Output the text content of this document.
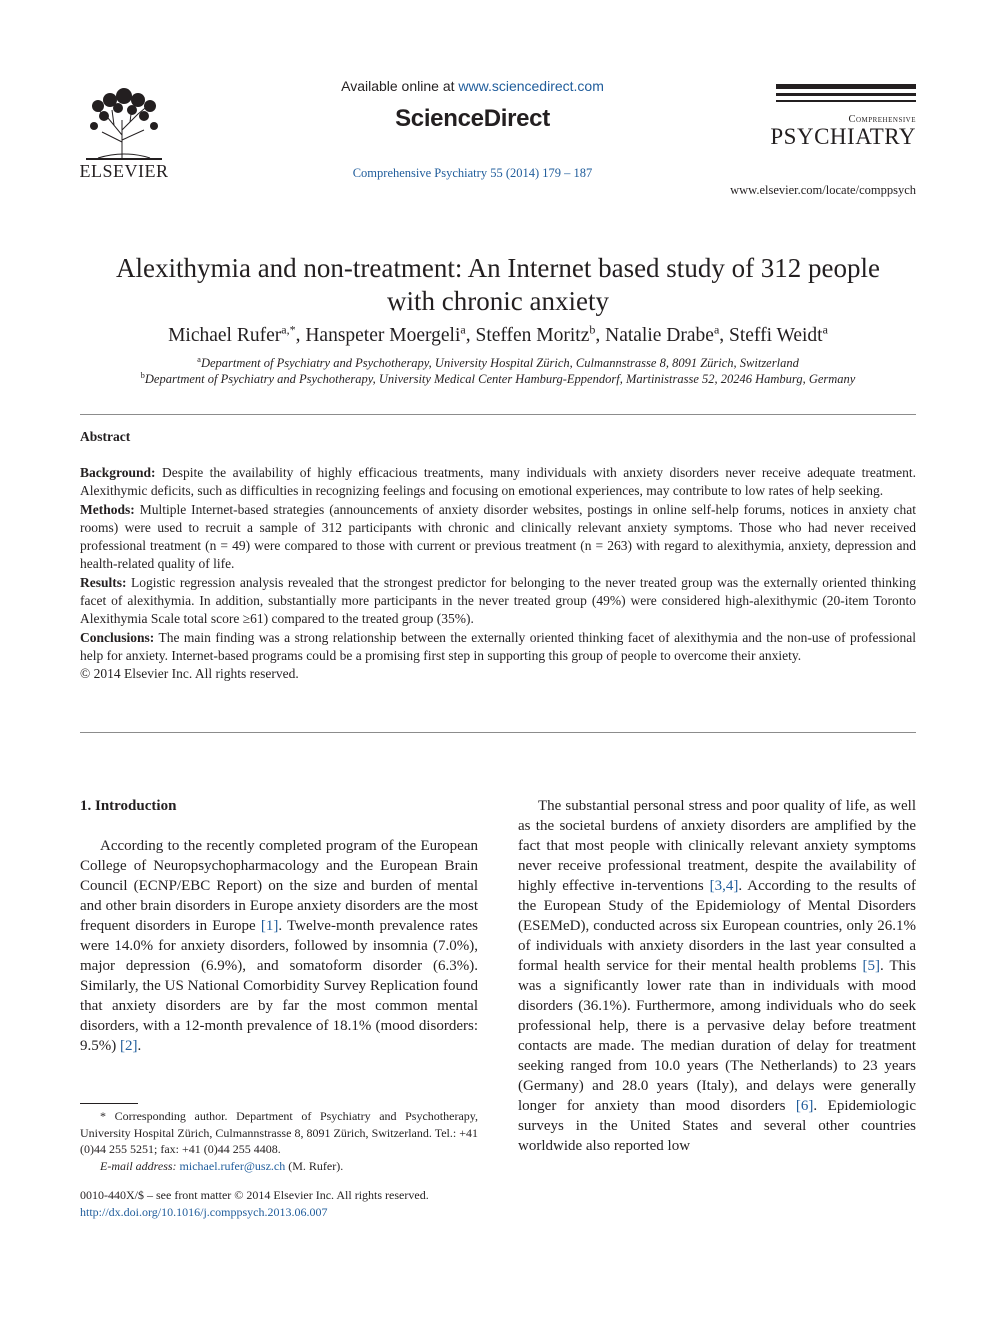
ELSEVIER
Available online at www.sciencedirect.com
ScienceDirect
Comprehensive Psychiatry 55 (2014) 179 – 187
Comprehensive
PSYCHIATRY
www.elsevier.com/locate/comppsych
Alexithymia and non-treatment: An Internet based study of 312 people
with chronic anxiety
Michael Rufer$^{a,*}$, Hanspeter Moergeli$^a$, Steffen Moritz$^b$, Natalie Drabe$^a$, Steffi Weidt$^a$
$^a$Department of Psychiatry and Psychotherapy, University Hospital Zürich, Culmannstrasse 8, 8091 Zürich, Switzerland
$^b$Department of Psychiatry and Psychotherapy, University Medical Center Hamburg-Eppendorf, Martinistrasse 52, 20246 Hamburg, Germany
Abstract

Background: Despite the availability of highly efficacious treatments, many individuals with anxiety disorders never receive adequate treatment. Alexithymic deficits, such as difficulties in recognizing feelings and focusing on emotional experiences, may contribute to low rates of help seeking.

Methods: Multiple Internet-based strategies (announcements of anxiety disorder websites, postings in online self-help forums, notices in anxiety chat rooms) were used to recruit a sample of 312 participants with chronic and clinically relevant anxiety symptoms. Those who had never received professional treatment (n = 49) were compared to those with current or previous treatment (n = 263) with regard to alexithymia, anxiety, depression and health-related quality of life.

Results: Logistic regression analysis revealed that the strongest predictor for belonging to the never treated group was the externally oriented thinking facet of alexithymia. In addition, substantially more participants in the never treated group (49%) were considered high-alexithymic (20-item Toronto Alexithymia Scale total score ≥61) compared to the treated group (35%).

Conclusions: The main finding was a strong relationship between the externally oriented thinking facet of alexithymia and the non-use of professional help for anxiety. Internet-based programs could be a promising first step in supporting this group of people to overcome their anxiety.

© 2014 Elsevier Inc. All rights reserved.

1. Introduction

According to the recently completed program of the European College of Neuropsychopharmacology and the European Brain Council (ECNP/EBC Report) on the size and burden of mental and other brain disorders in Europe anxiety disorders are the most frequent disorders in Europe [1]. Twelve-month prevalence rates were 14.0% for anxiety disorders, followed by insomnia (7.0%), major depression (6.9%), and somatoform disorder (6.3%). Similarly, the US National Comorbidity Survey Replication found that anxiety disorders are by far the most common mental disorders, with a 12-month prevalence of 18.1% (mood disorders: 9.5%) [2].

The substantial personal stress and poor quality of life, as well as the societal burdens of anxiety disorders are amplified by the fact that most people with clinically relevant anxiety symptoms never receive professional treatment, despite the availability of highly effective in-terventions [3,4]. According to the results of the European Study of the Epidemiology of Mental Disorders (ESEMeD), conducted across six European countries, only 26.1% of individuals with anxiety disorders in the last year consulted a formal health service for their mental health problems [5]. This was a significantly lower rate than in individuals with mood disorders (36.1%). Furthermore, among individuals who do seek professional help, there is a pervasive delay before treatment contacts are made. The median duration of delay for treatment seeking ranged from 10.0 years (The Netherlands) to 23 years (Germany) and 28.0 years (Italy), and delays were generally longer for anxiety than mood disorders [6]. Epidemiologic surveys in the United States and several other countries worldwide also reported low

* Corresponding author. Department of Psychiatry and Psychotherapy, University Hospital Zürich, Culmannstrasse 8, 8091 Zürich, Switzerland. Tel.: +41 (0)44 255 5251; fax: +41 (0)44 255 4408.

E-mail address: michael.rufer@usz.ch (M. Rufer).

0010-440X/$ – see front matter © 2014 Elsevier Inc. All rights reserved.
http://dx.doi.org/10.1016/j.comppsych.2013.06.007
